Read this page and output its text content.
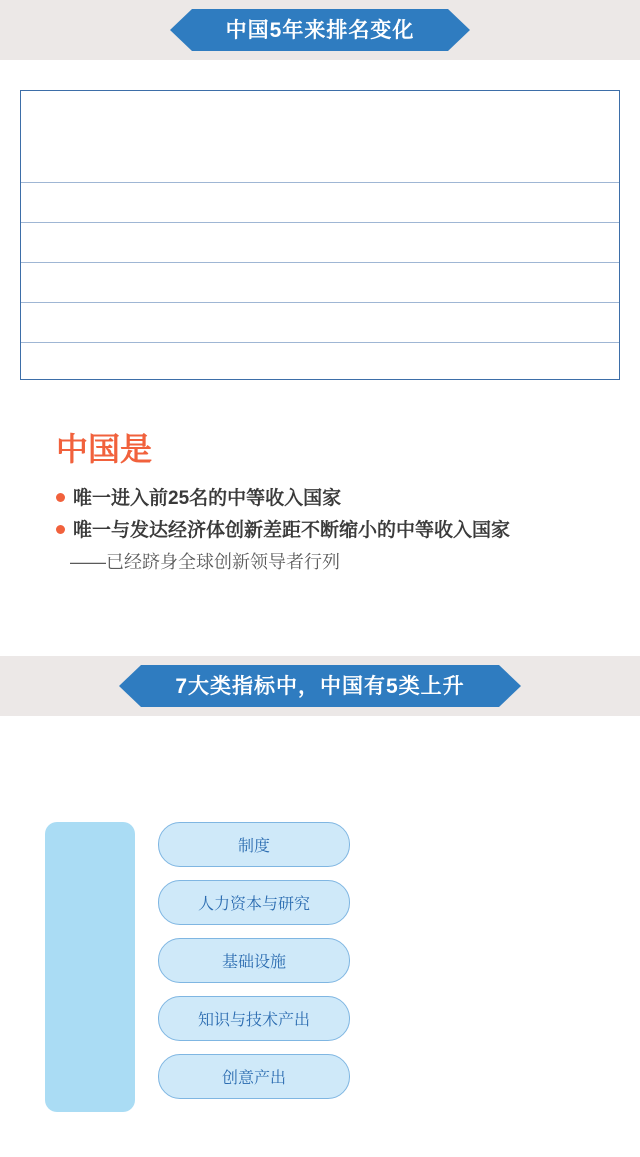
中国5年来排名变化
中国是
唯一进入前25名的中等收入国家
唯一与发达经济体创新差距不断缩小的中等收入国家
——已经跻身全球创新领导者行列
7大类指标中，中国有5类上升
制度
人力资本与研究
基础设施
知识与技术产出
创意产出
